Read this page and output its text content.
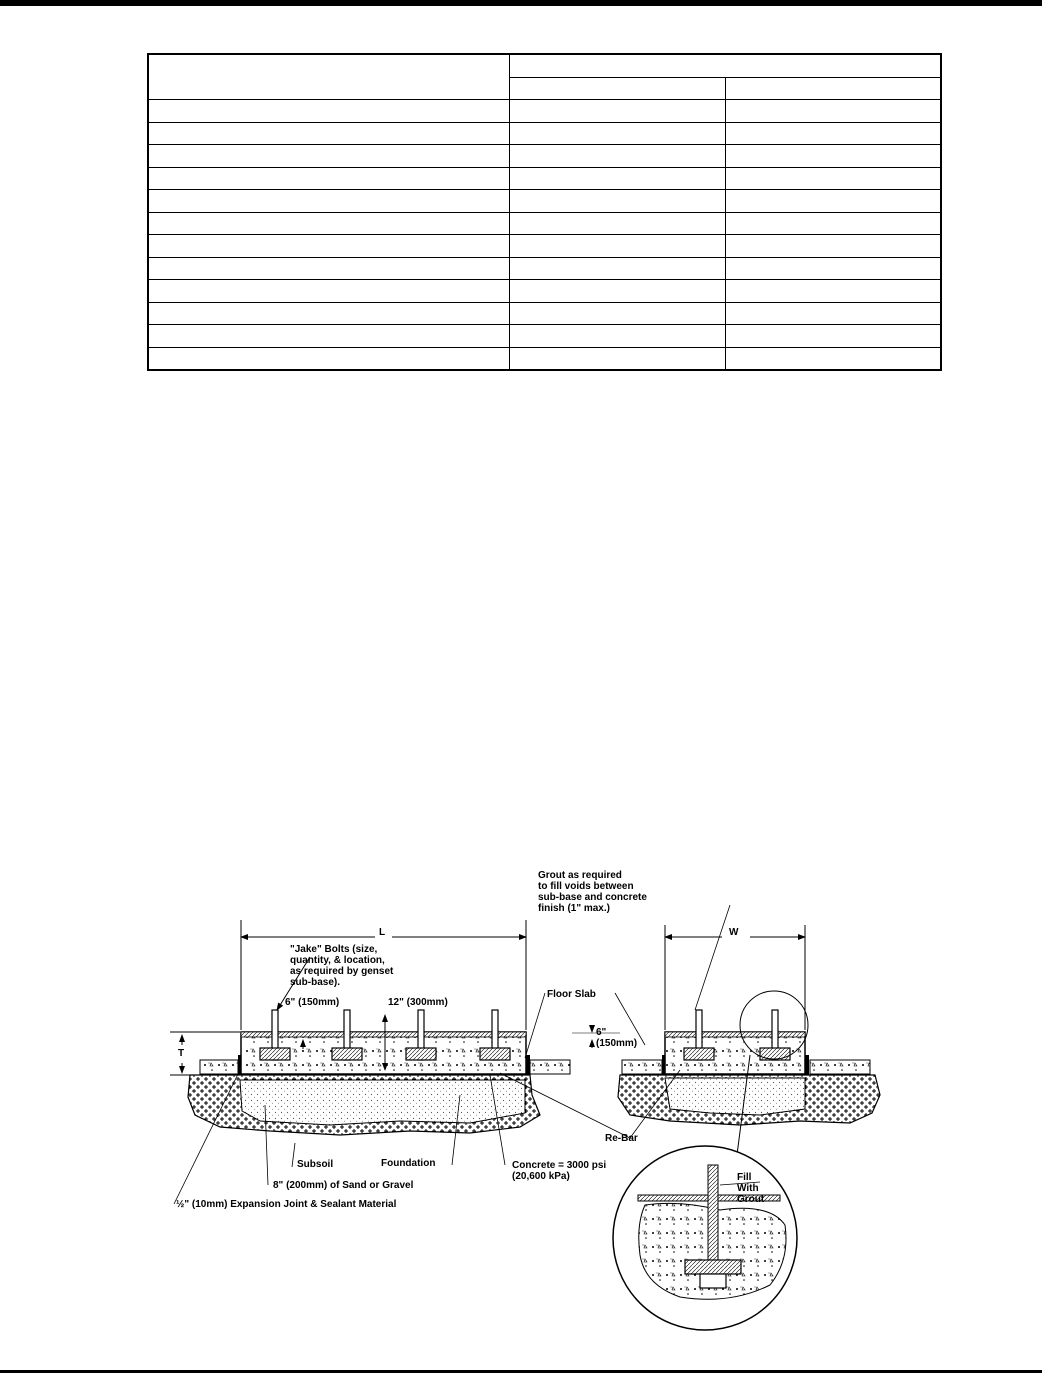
L	W
T
Grout as required
to fill voids between
sub-base and concrete
finish (1" max.)
"Jake" Bolts (size,
quantity, & location,
as required by genset
sub-base).
6" (150mm)	12" (300mm)
Floor Slab
6"
(150mm)
Re-Bar
Subsoil	Foundation	Concrete = 3000 psi
(20,600 kPa)
8" (200mm) of Sand or Gravel
½" (10mm) Expansion Joint & Sealant Material
Fill
With
Grout
